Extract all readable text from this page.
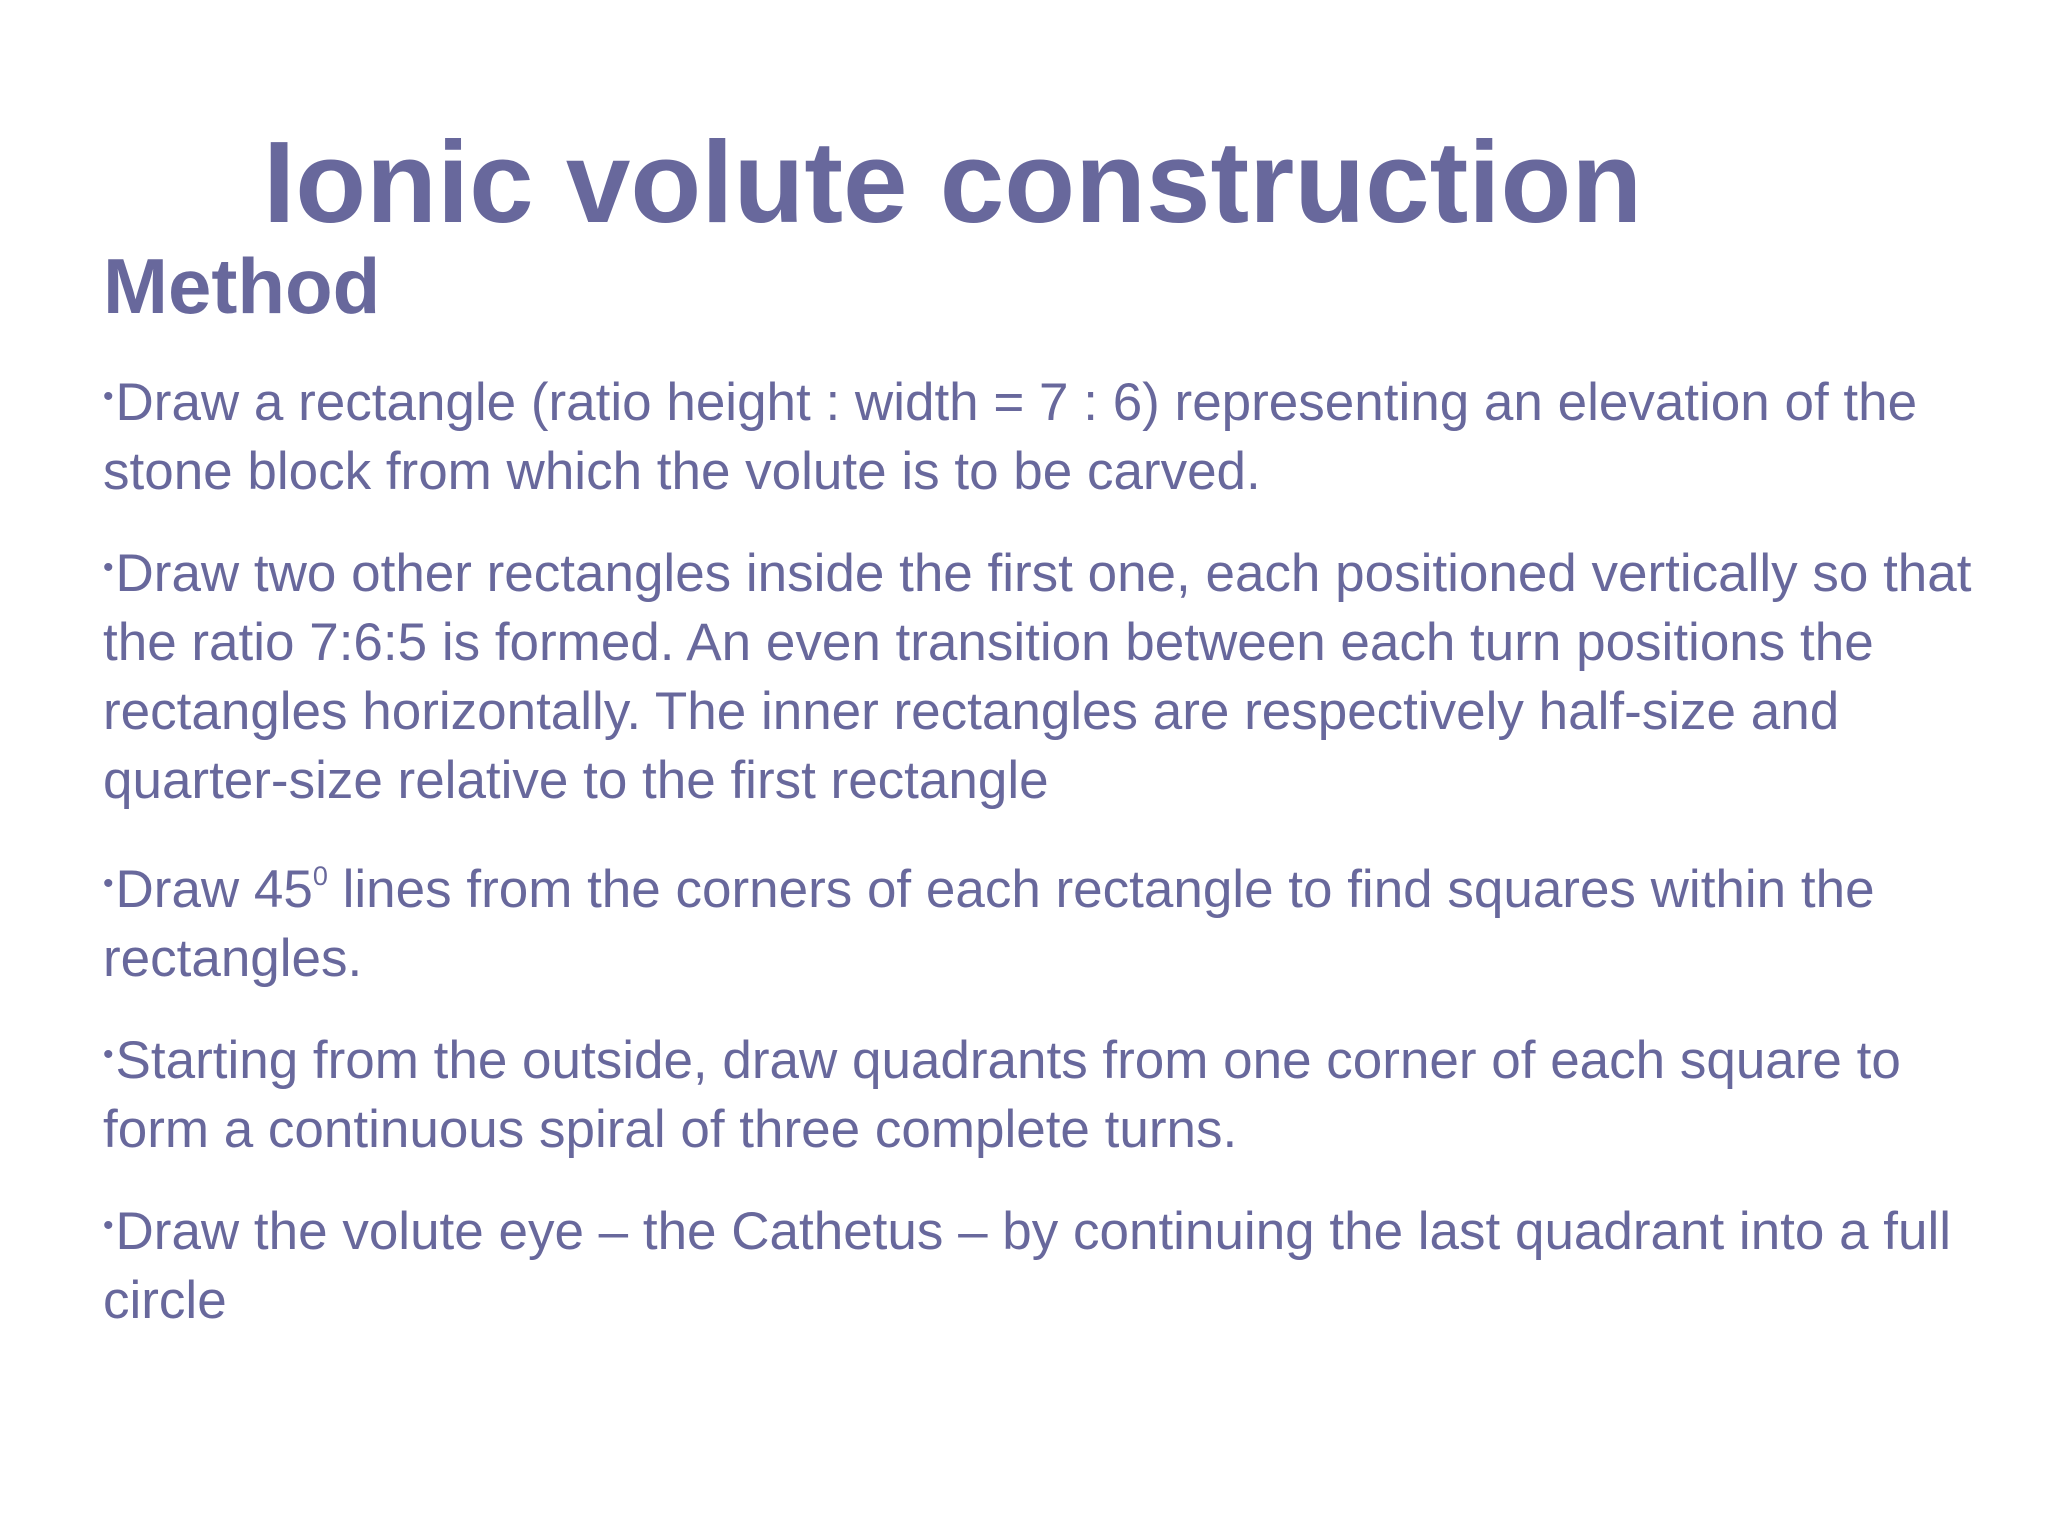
Ionic volute construction
Method
•Draw a rectangle (ratio height : width = 7 : 6) representing an elevation of the stone block from which the volute is to be carved.
•Draw two other rectangles inside the first one, each positioned vertically so that the ratio 7:6:5 is formed. An even transition between each turn positions the rectangles horizontally. The inner rectangles are respectively half-size and quarter-size relative to the first rectangle
•Draw $45^0$ lines from the corners of each rectangle to find squares within the rectangles.
•Starting from the outside, draw quadrants from one corner of each square to form a continuous spiral of three complete turns.
•Draw the volute eye – the Cathetus – by continuing the last quadrant into a full circle
